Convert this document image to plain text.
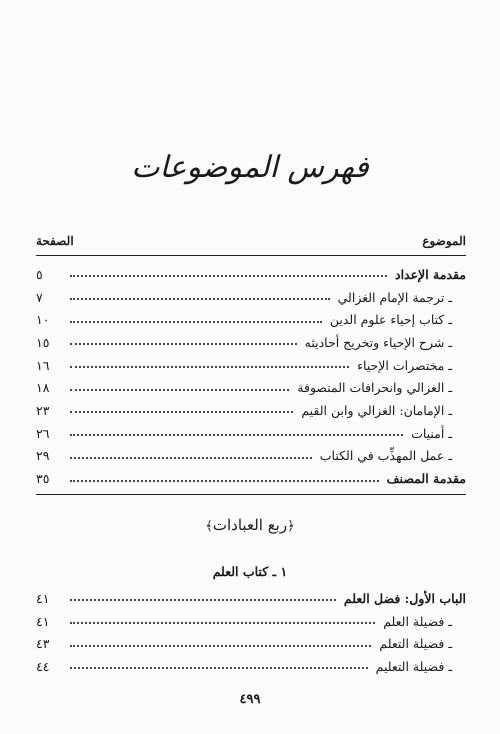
فهرس الموضوعات
الموضوع
الصفحة
مقدمة الإعداد
٥
ـ ترجمة الإمام الغزالي
٧
ـ كتاب إحياء علوم الدين
١٠
ـ شرح الإحياء وتخريج أحاديثه
١٥
ـ مختصرات الإحياء
١٦
ـ الغزالي وانحرافات المتصوفة
١٨
ـ الإمامان: الغزالي وابن القيم
٢٣
ـ أمنيات
٢٦
ـ عمل المهذِّب في الكتاب
٢٩
مقدمة المصنف
٣٥
﴿ربع العبادات﴾
١ ـ كتاب العلم
الباب الأول: فضل العلم
٤١
ـ فضيلة العلم
٤١
ـ فضيلة التعلم
٤٣
ـ فضيلة التعليم
٤٤
٤٩٩
